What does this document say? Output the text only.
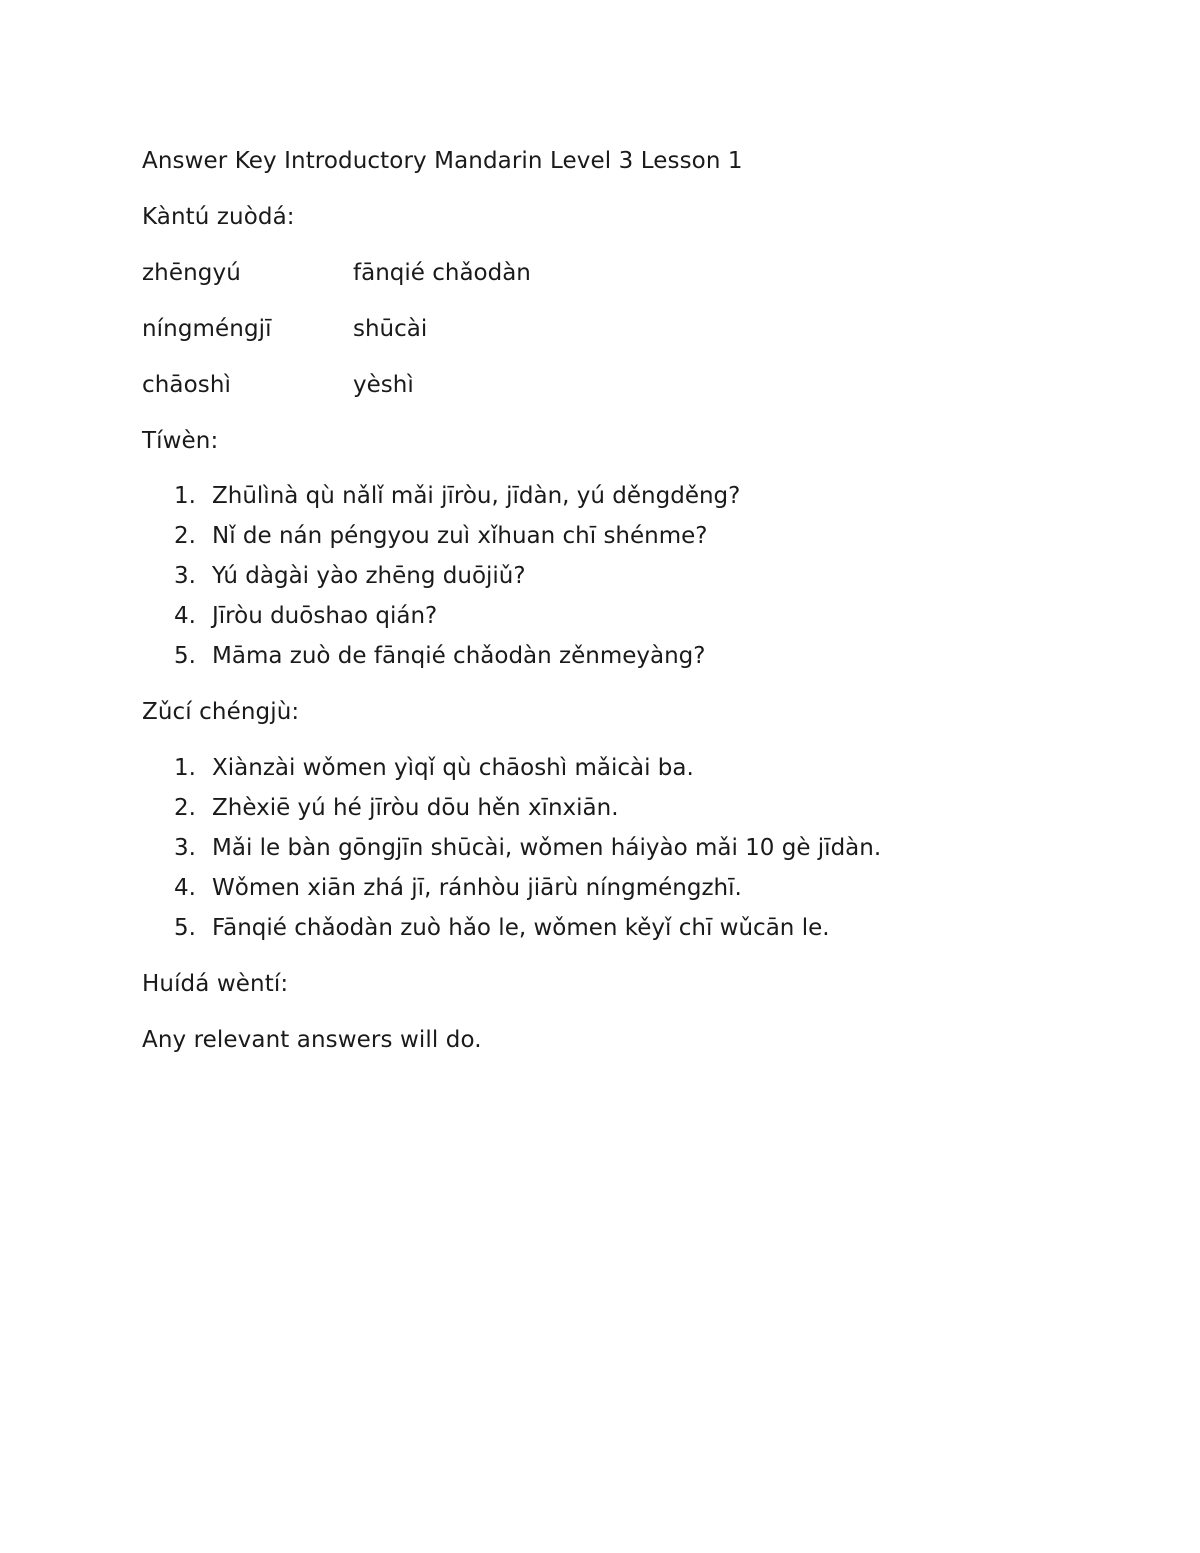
Answer Key Introductory Mandarin Level 3 Lesson 1
Kàntú zuòdá:
zhēngyú	fānqié chǎodàn
níngméngjī	shūcài
chāoshì	yèshì
Tíwèn:
1. Zhūlìnà qù nǎlǐ mǎi jīròu, jīdàn, yú děngděng?
2. Nǐ de nán péngyou zuì xǐhuan chī shénme?
3. Yú dàgài yào zhēng duōjiǔ?
4. Jīròu duōshao qián?
5. Māma zuò de fānqié chǎodàn zěnmeyàng?
Zǔcí chéngjù:
1. Xiànzài wǒmen yìqǐ qù chāoshì mǎicài ba.
2. Zhèxiē yú hé jīròu dōu hěn xīnxiān.
3. Mǎi le bàn gōngjīn shūcài, wǒmen háiyào mǎi 10 gè jīdàn.
4. Wǒmen xiān zhá jī, ránhòu jiārù níngméngzhī.
5. Fānqié chǎodàn zuò hǎo le, wǒmen kěyǐ chī wǔcān le.
Huídá wèntí:
Any relevant answers will do.
